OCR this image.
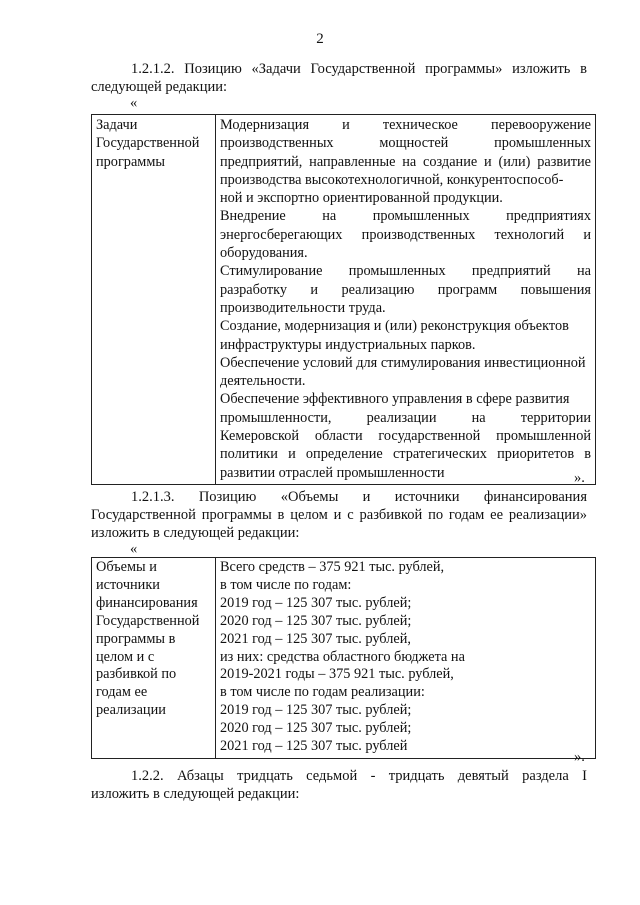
2
1.2.1.2. Позицию «Задачи Государственной программы» изложить в
следующей редакции:
«
Задачи
Государственной
программы

Модернизация и техническое перевооружение
производственных мощностей промышленных
предприятий, направленные на создание и (или) развитие
производства высокотехнологичной, конкурентоспособ-
ной и экспортно ориентированной продукции.
Внедрение на промышленных предприятиях
энергосберегающих производственных технологий и
оборудования.
Стимулирование промышленных предприятий на
разработку и реализацию программ повышения
производительности труда.
Создание, модернизация и (или) реконструкция объектов
инфраструктуры индустриальных парков.
Обеспечение условий для стимулирования инвестиционной
деятельности.
Обеспечение эффективного управления в сфере развития
промышленности, реализации на территории
Кемеровской области государственной промышленной
политики и определение стратегических приоритетов в
развитии отраслей промышленности	».
1.2.1.3. Позицию «Объемы и источники финансирования
Государственной программы в целом и с разбивкой по годам ее реализации»
изложить в следующей редакции:
«
Объемы и
источники
финансирования
Государственной
программы в
целом и с
разбивкой по
годам ее
реализации

Всего средств – 375 921 тыс. рублей,
в том числе по годам:
2019 год – 125 307 тыс. рублей;
2020 год – 125 307 тыс. рублей;
2021 год – 125 307 тыс. рублей,
из них: средства областного бюджета на
2019-2021 годы – 375 921 тыс. рублей,
в том числе по годам реализации:
2019 год – 125 307 тыс. рублей;
2020 год – 125 307 тыс. рублей;
2021 год – 125 307 тыс. рублей
».
1.2.2. Абзацы тридцать седьмой - тридцать девятый раздела I
изложить в следующей редакции:
